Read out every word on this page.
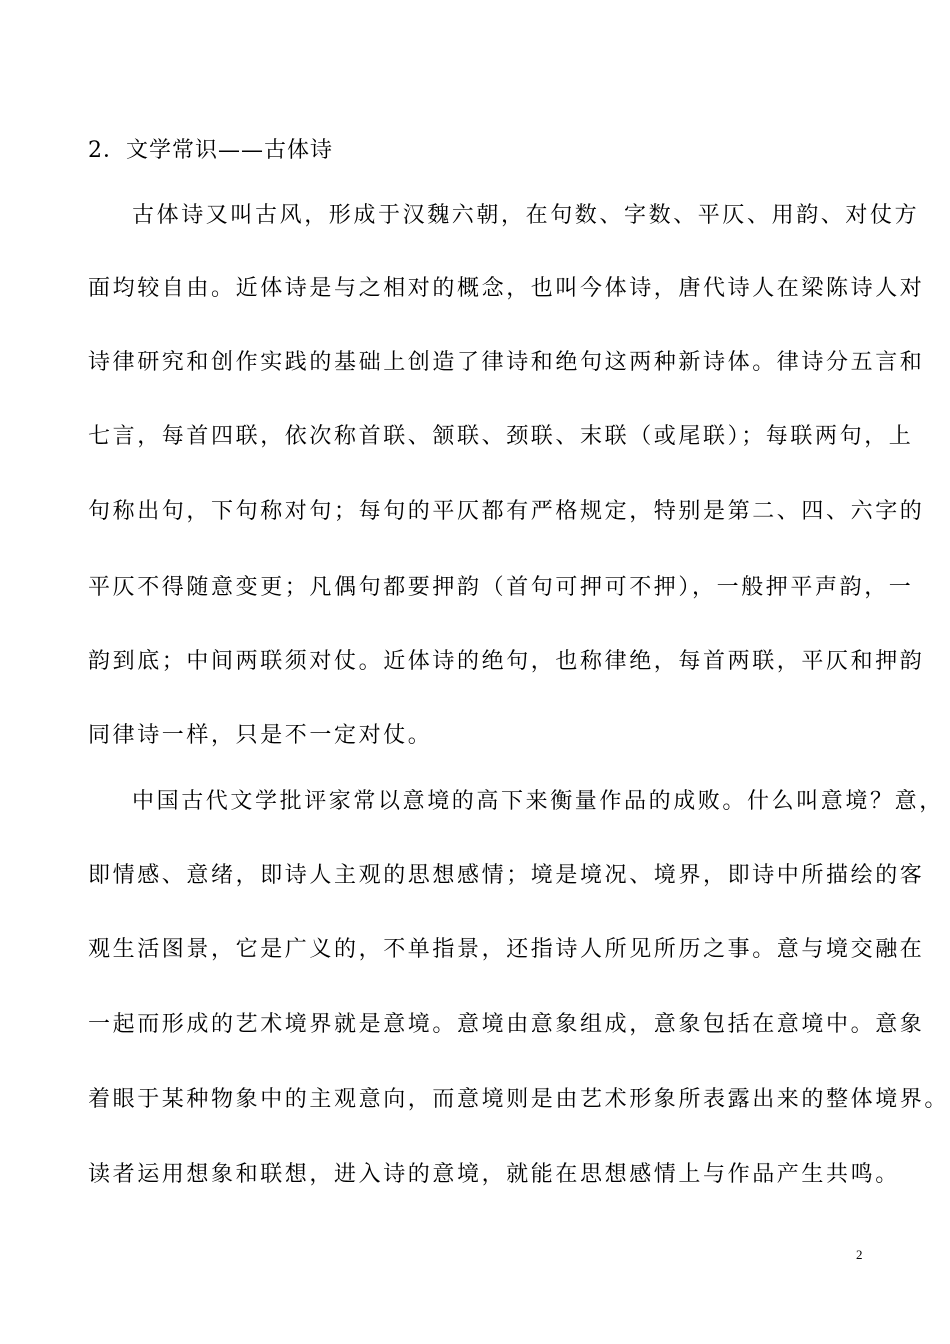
2．文学常识——古体诗
古体诗又叫古风，形成于汉魏六朝，在句数、字数、平仄、用韵、对仗方
面均较自由。近体诗是与之相对的概念，也叫今体诗，唐代诗人在梁陈诗人对
诗律研究和创作实践的基础上创造了律诗和绝句这两种新诗体。律诗分五言和
七言，每首四联，依次称首联、颔联、颈联、末联（或尾联）；每联两句，上
句称出句，下句称对句；每句的平仄都有严格规定，特别是第二、四、六字的
平仄不得随意变更；凡偶句都要押韵（首句可押可不押），一般押平声韵，一
韵到底；中间两联须对仗。近体诗的绝句，也称律绝，每首两联，平仄和押韵
同律诗一样，只是不一定对仗。
中国古代文学批评家常以意境的高下来衡量作品的成败。什么叫意境？意，
即情感、意绪，即诗人主观的思想感情；境是境况、境界，即诗中所描绘的客
观生活图景，它是广义的，不单指景，还指诗人所见所历之事。意与境交融在
一起而形成的艺术境界就是意境。意境由意象组成，意象包括在意境中。意象
着眼于某种物象中的主观意向，而意境则是由艺术形象所表露出来的整体境界。
读者运用想象和联想，进入诗的意境，就能在思想感情上与作品产生共鸣。
2
